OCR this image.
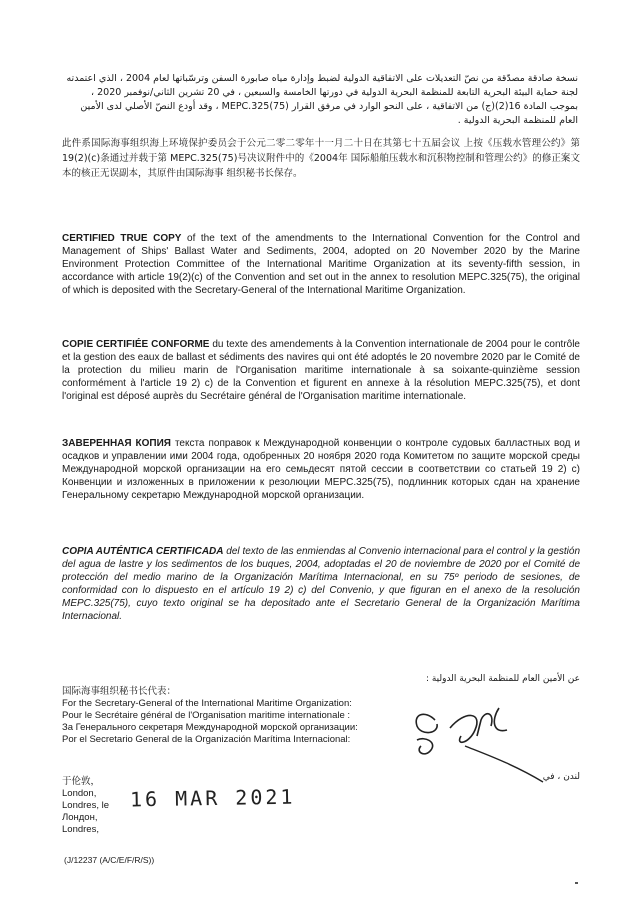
نسخة صادقة مصدّقة من نصّ التعديلات على الاتفاقية الدولية لضبط وإدارة مياه صابورة السفن وترسّباتها لعام 2004 ، الذي اعتمدته لجنة حماية البيئة البحرية التابعة للمنظمة البحرية الدولية في دورتها الخامسة والسبعين ، في 20 تشرين الثاني/نوفمبر 2020 ، بموجب المادة 16(2)(ج) من الاتفاقية ، على النحو الوارد في مرفق القرار MEPC.325(75) ، وقد أودع النصّ الأصلي لدى الأمين العام للمنظمة البحرية الدولية .

此件系国际海事组织海上环境保护委员会于公元二零二零年十一月二十日在其第七十五届会议 上按《压载水管理公约》第 19(2)(c)条通过并载于第 MEPC.325(75)号决议附件中的《2004年 国际船舶压载水和沉积物控制和管理公约》的修正案文本的核正无误副本，其原件由国际海事 组织秘书长保存。

CERTIFIED TRUE COPY of the text of the amendments to the International Convention for the Control and Management of Ships' Ballast Water and Sediments, 2004, adopted on 20 November 2020 by the Marine Environment Protection Committee of the International Maritime Organization at its seventy-fifth session, in accordance with article 19(2)(c) of the Convention and set out in the annex to resolution MEPC.325(75), the original of which is deposited with the Secretary-General of the International Maritime Organization.

COPIE CERTIFIÉE CONFORME du texte des amendements à la Convention internationale de 2004 pour le contrôle et la gestion des eaux de ballast et sédiments des navires qui ont été adoptés le 20 novembre 2020 par le Comité de la protection du milieu marin de l'Organisation maritime internationale à sa soixante-quinzième session conformément à l'article 19 2) c) de la Convention et figurent en annexe à la résolution MEPC.325(75), et dont l'original est déposé auprès du Secrétaire général de l'Organisation maritime internationale.

ЗАВЕРЕННАЯ КОПИЯ текста поправок к Международной конвенции о контроле судовых балластных вод и осадков и управлении ими 2004 года, одобренных 20 ноября 2020 года Комитетом по защите морской среды Международной морской организации на его семьдесят пятой сессии в соответствии со статьей 19 2) с) Конвенции и изложенных в приложении к резолюции MEPC.325(75), подлинник которых сдан на хранение Генеральному секретарю Международной морской организации.

COPIA AUTÉNTICA CERTIFICADA del texto de las enmiendas al Convenio internacional para el control y la gestión del agua de lastre y los sedimentos de los buques, 2004, adoptadas el 20 de noviembre de 2020 por el Comité de protección del medio marino de la Organización Marítima Internacional, en su 75º periodo de sesiones, de conformidad con lo dispuesto en el artículo 19 2) c) del Convenio, y que figuran en el anexo de la resolución MEPC.325(75), cuyo texto original se ha depositado ante el Secretario General de la Organización Marítima Internacional.

عن الأمين العام للمنظمة البحرية الدولية :
国际海事组织秘书长代表：
For the Secretary-General of the International Maritime Organization:
Pour le Secrétaire général de l'Organisation maritime internationale :
За Генерального секретаря Международной морской организации:
Por el Secretario General de la Organización Marítima Internacional:
لندن ، في
于伦敦，
London,
Londres, le
Лондон,
Londres,
16 MAR 2021
(J/12237 (A/C/E/F/R/S))
